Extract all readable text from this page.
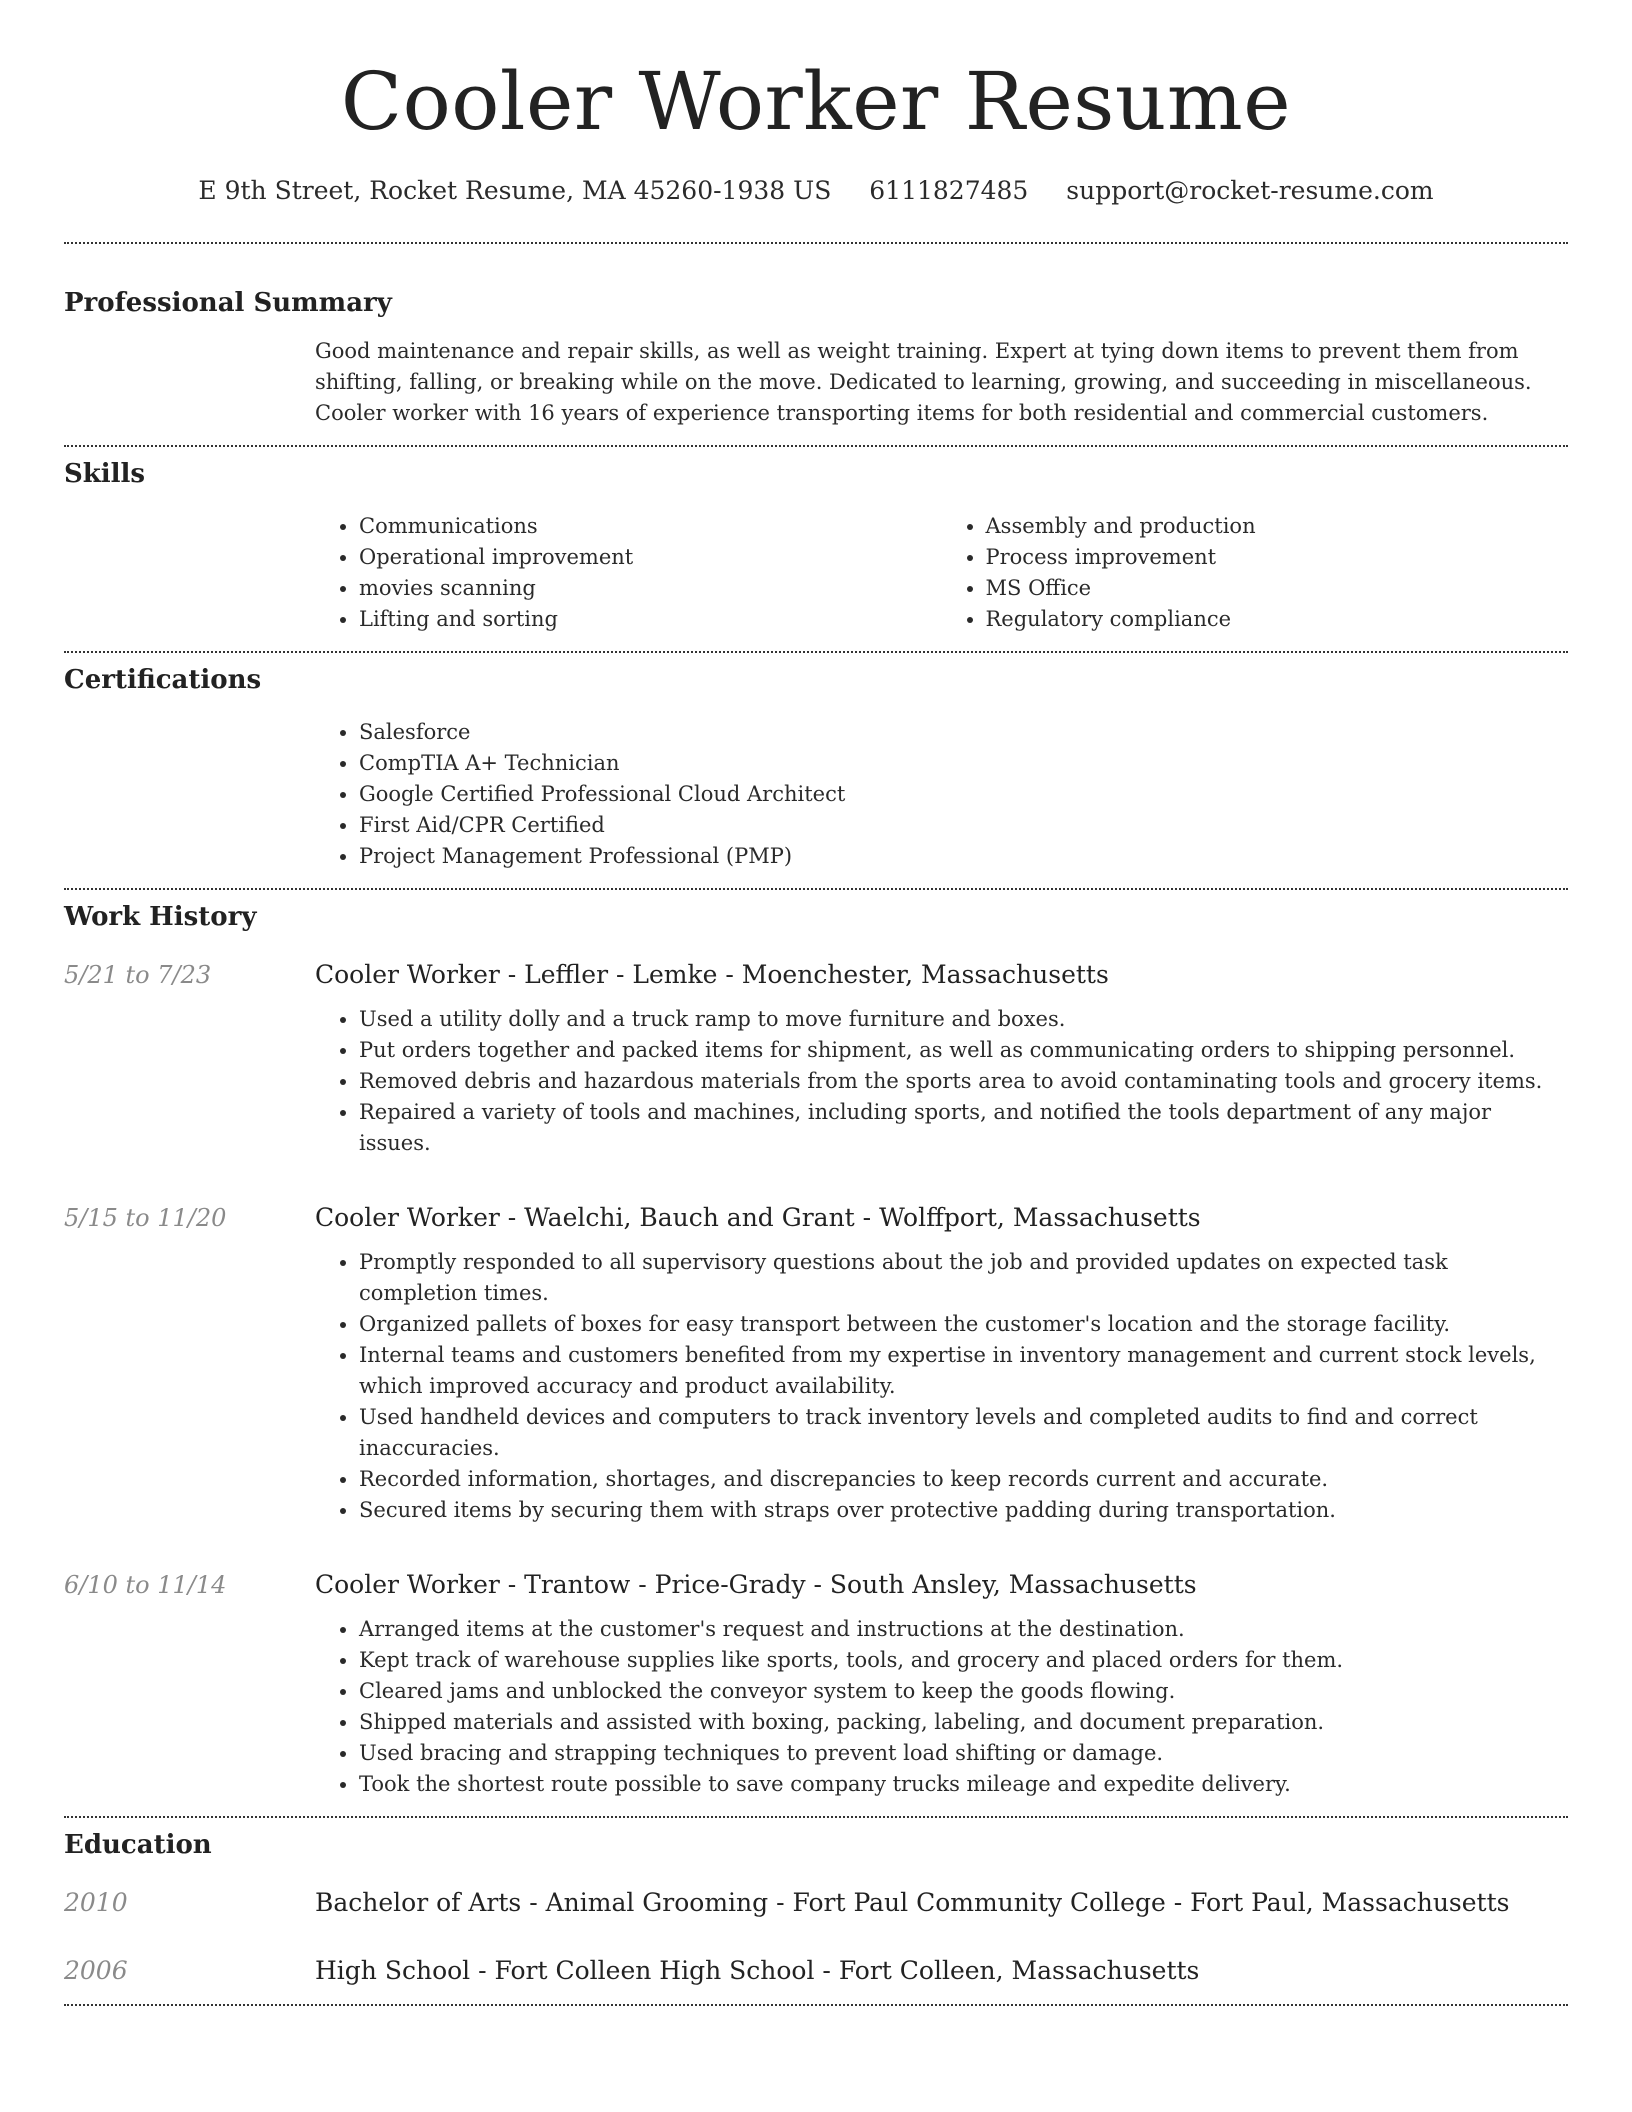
Cooler Worker Resume
E 9th Street, Rocket Resume, MA 45260-1938 US 6111827485 support@rocket-resume.com
Professional Summary

Good maintenance and repair skills, as well as weight training. Expert at tying down items to prevent them from shifting, falling, or breaking while on the move. Dedicated to learning, growing, and succeeding in miscellaneous. Cooler worker with 16 years of experience transporting items for both residential and commercial customers.

Skills
• Communications
• Operational improvement
• movies scanning
• Lifting and sorting
• Assembly and production
• Process improvement
• MS Office
• Regulatory compliance
Certifications
• Salesforce
• CompTIA A+ Technician
• Google Certified Professional Cloud Architect
• First Aid/CPR Certified
• Project Management Professional (PMP)
Work History
5/21 to 7/23	Cooler Worker - Leffler - Lemke - Moenchester, Massachusetts
• Used a utility dolly and a truck ramp to move furniture and boxes.
• Put orders together and packed items for shipment, as well as communicating orders to shipping personnel.
• Removed debris and hazardous materials from the sports area to avoid contaminating tools and grocery items.
• Repaired a variety of tools and machines, including sports, and notified the tools department of any major issues.
5/15 to 11/20	Cooler Worker - Waelchi, Bauch and Grant - Wolffport, Massachusetts
• Promptly responded to all supervisory questions about the job and provided updates on expected task completion times.
• Organized pallets of boxes for easy transport between the customer's location and the storage facility.
• Internal teams and customers benefited from my expertise in inventory management and current stock levels, which improved accuracy and product availability.
• Used handheld devices and computers to track inventory levels and completed audits to find and correct inaccuracies.
• Recorded information, shortages, and discrepancies to keep records current and accurate.
• Secured items by securing them with straps over protective padding during transportation.
6/10 to 11/14	Cooler Worker - Trantow - Price-Grady - South Ansley, Massachusetts
• Arranged items at the customer's request and instructions at the destination.
• Kept track of warehouse supplies like sports, tools, and grocery and placed orders for them.
• Cleared jams and unblocked the conveyor system to keep the goods flowing.
• Shipped materials and assisted with boxing, packing, labeling, and document preparation.
• Used bracing and strapping techniques to prevent load shifting or damage.
• Took the shortest route possible to save company trucks mileage and expedite delivery.
Education
2010	Bachelor of Arts - Animal Grooming - Fort Paul Community College - Fort Paul, Massachusetts
2006	High School - Fort Colleen High School - Fort Colleen, Massachusetts
